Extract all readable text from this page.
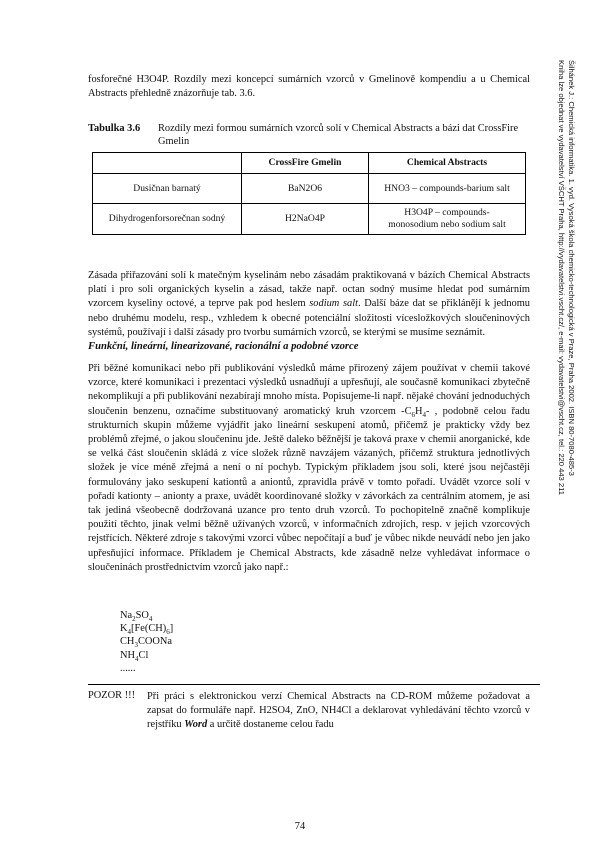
fosforečné H3O4P. Rozdíly mezi koncepcí sumárních vzorců v Gmelinově kompendiu a u Chemical Abstracts přehledně znázorňuje tab. 3.6.
Tabulka 3.6 Rozdíly mezi formou sumárních vzorců solí v Chemical Abstracts a bázi dat CrossFire Gmelin
	CrossFire Gmelin	Chemical Abstracts
Dusičnan barnatý	BaN2O6	HNO3 – compounds-barium salt
Dihydrogenforsorečnan sodný	H2NaO4P	H3O4P – compounds-monosodium nebo sodium salt
Zásada přiřazování solí k matečným kyselinám nebo zásadám praktikovaná v bázích Chemical Abstracts platí i pro soli organických kyselin a zásad, takže např. octan sodný musíme hledat pod sumárním vzorcem kyseliny octové, a teprve pak pod heslem sodium salt. Další báze dat se přiklánějí k jednomu nebo druhému modelu, resp., vzhledem k obecné potenciální složitosti vícesložkových sloučeninových systémů, používají i další zásady pro tvorbu sumárních vzorců, se kterými se musíme seznámit.
Funkční, lineární, linearizované, racionální a podobné vzorce
Při běžné komunikaci nebo při publikování výsledků máme přirozený zájem používat v chemii takové vzorce, které komunikaci i prezentaci výsledků usnadňují a upřesňují, ale současně komunikaci zbytečně nekomplikují a při publikování nezabírají mnoho místa. Popisujeme-li např. nějaké chování jednoduchých sloučenin benzenu, označíme substituovaný aromatický kruh vzorcem $-C_6H_4-$ , podobně celou řadu strukturních skupin můžeme vyjádřit jako lineární seskupení atomů, přičemž je prakticky vždy bez problémů zřejmé, o jakou sloučeninu jde. Ještě daleko běžnější je taková praxe v chemii anorganické, kde se velká část sloučenin skládá z více složek různě navzájem vázaných, přičemž struktura jednotlivých složek je více méně zřejmá a není o ní pochyb. Typickým příkladem jsou soli, které jsou nejčastěji formulovány jako seskupení kationtů a aniontů, zpravidla právě v tomto pořadí. Uvádět vzorce solí v pořadí kationty – anionty a praxe, uvádět koordinované složky v závorkách za centrálním atomem, je asi tak jediná všeobecně dodržovaná uzance pro tento druh vzorců. To pochopitelně značně komplikuje použití těchto, jinak velmi běžně užívaných vzorců, v informačních zdrojích, resp. v jejich vzorcových rejstřících. Některé zdroje s takovými vzorci vůbec nepočítají a buď je vůbec nikde neuvádí nebo jen jako upřesňující informace. Příkladem je Chemical Abstracts, kde zásadně nelze vyhledávat informace o sloučeninách prostřednictvím vzorců jako např.:
$Na_2SO_4$
$K_4[Fe(CH)_6]$
$CH_3COONa$
$NH_4Cl$
......
POZOR !!! Při práci s elektronickou verzí Chemical Abstracts na CD-ROM můžeme požadovat a zapsat do formuláře např. H2SO4, ZnO, NH4Cl a deklarovat vyhledávání těchto vzorců v rejstříku Word a určitě dostaneme celou řadu
74
Šilhánek J.: Chemická informatika. 1. vyd. Vysoká škola chemicko-technologická v Praze, Praha 2002. ISBN 80-7080-485-3
Kniha lze objednat ve vydavatelství VŠCHT Praha, http://vydavatelstvi.vscht.cz/, e-mail: vydavatelstvi@vscht.cz, tel.: 220 443 211
